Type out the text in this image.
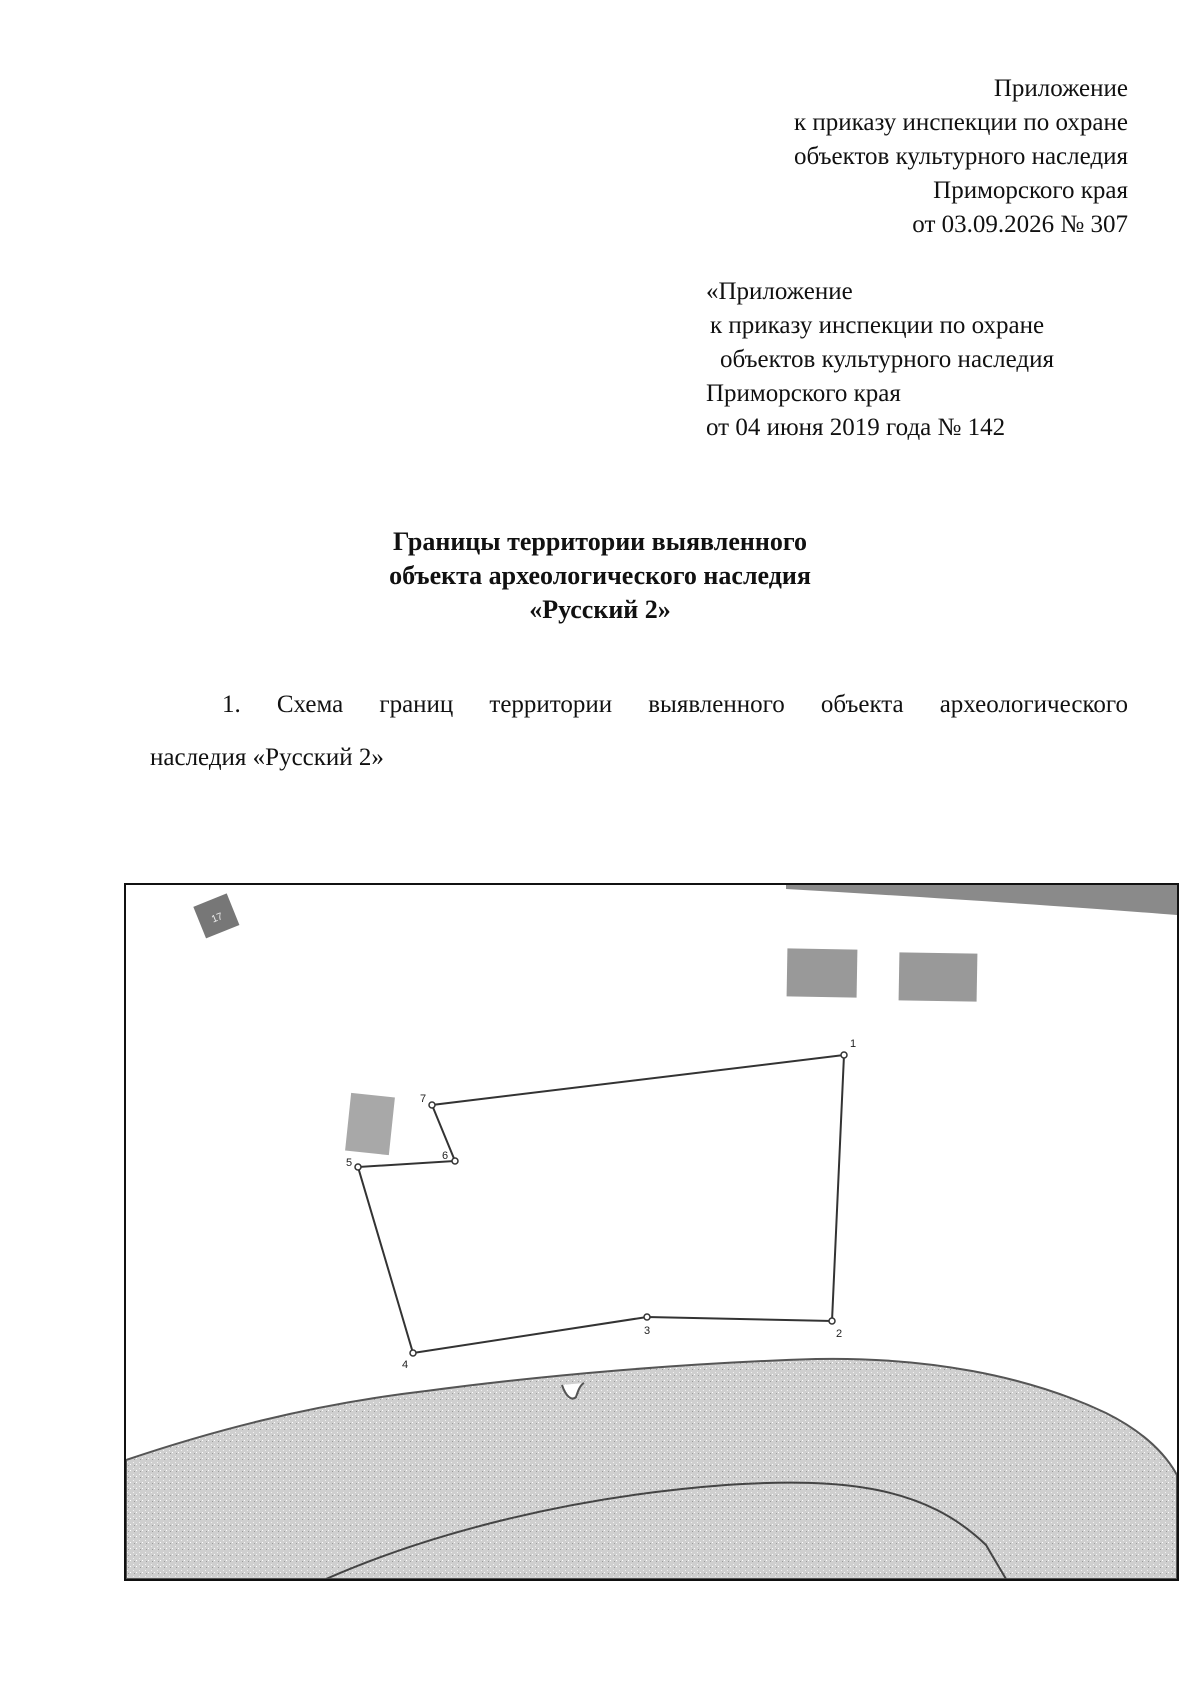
Приложение
к приказу инспекции по охране
объектов культурного наследия
Приморского края
от 03.09.2026 № 307
«Приложение
к приказу инспекции по охране
объектов культурного наследия
Приморского края
от 04 июня 2019 года № 142
Границы территории выявленного
объекта археологического наследия
«Русский 2»
1. Схема границ территории выявленного объекта археологического
наследия «Русский 2»
17
1
2
3
4
5
6
7
